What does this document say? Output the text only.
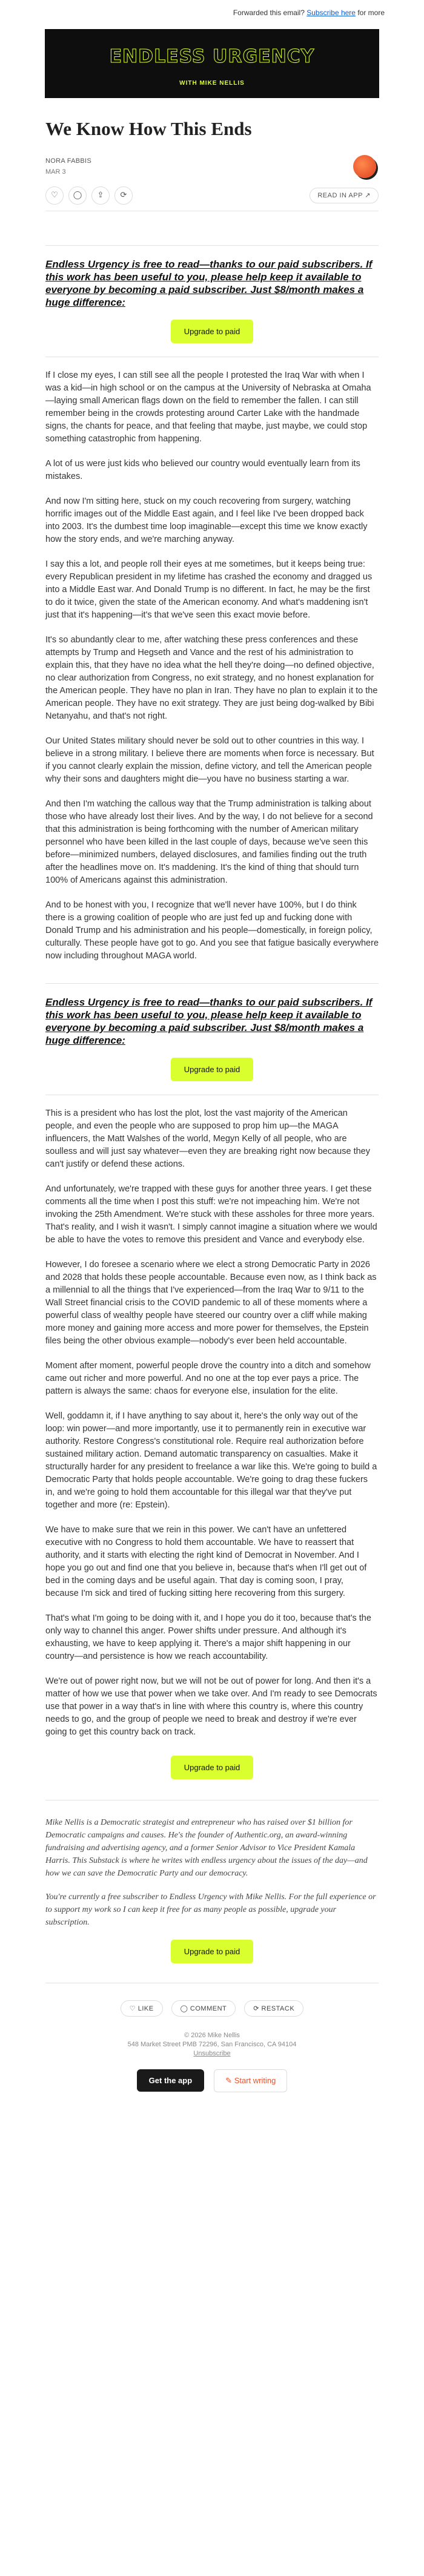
Forwarded this email? Subscribe here for more
ENDLESS URGENCY
WITH MIKE NELLIS
We Know How This Ends
NORA FABBIS
MAR 3
♡	◯	⇪	⟳	READ IN APP ↗
Endless Urgency is free to read—thanks to our paid subscribers. If this work has been useful to you, please help keep it available to everyone by becoming a paid subscriber. Just $8/month makes a huge difference:
Upgrade to paid

If I close my eyes, I can still see all the people I protested the Iraq War with when I was a kid—in high school or on the campus at the University of Nebraska at Omaha—laying small American flags down on the field to remember the fallen. I can still remember being in the crowds protesting around Carter Lake with the handmade signs, the chants for peace, and that feeling that maybe, just maybe, we could stop something catastrophic from happening.

A lot of us were just kids who believed our country would eventually learn from its mistakes.

And now I'm sitting here, stuck on my couch recovering from surgery, watching horrific images out of the Middle East again, and I feel like I've been dropped back into 2003. It's the dumbest time loop imaginable—except this time we know exactly how the story ends, and we're marching anyway.

I say this a lot, and people roll their eyes at me sometimes, but it keeps being true: every Republican president in my lifetime has crashed the economy and dragged us into a Middle East war. And Donald Trump is no different. In fact, he may be the first to do it twice, given the state of the American economy. And what's maddening isn't just that it's happening—it's that we've seen this exact movie before.

It's so abundantly clear to me, after watching these press conferences and these attempts by Trump and Hegseth and Vance and the rest of his administration to explain this, that they have no idea what the hell they're doing—no defined objective, no clear authorization from Congress, no exit strategy, and no honest explanation for the American people. They have no plan in Iran. They have no plan to explain it to the American people. They have no exit strategy. They are just being dog-walked by Bibi Netanyahu, and that's not right.

Our United States military should never be sold out to other countries in this way. I believe in a strong military. I believe there are moments when force is necessary. But if you cannot clearly explain the mission, define victory, and tell the American people why their sons and daughters might die—you have no business starting a war.

And then I'm watching the callous way that the Trump administration is talking about those who have already lost their lives. And by the way, I do not believe for a second that this administration is being forthcoming with the number of American military personnel who have been killed in the last couple of days, because we've seen this before—minimized numbers, delayed disclosures, and families finding out the truth after the headlines move on. It's maddening. It's the kind of thing that should turn 100% of Americans against this administration.

And to be honest with you, I recognize that we'll never have 100%, but I do think there is a growing coalition of people who are just fed up and fucking done with Donald Trump and his administration and his people—domestically, in foreign policy, culturally. These people have got to go. And you see that fatigue basically everywhere now including throughout MAGA world.

Endless Urgency is free to read—thanks to our paid subscribers. If this work has been useful to you, please help keep it available to everyone by becoming a paid subscriber. Just $8/month makes a huge difference:
Upgrade to paid

This is a president who has lost the plot, lost the vast majority of the American people, and even the people who are supposed to prop him up—the MAGA influencers, the Matt Walshes of the world, Megyn Kelly of all people, who are soulless and will just say whatever—even they are breaking right now because they can't justify or defend these actions.

And unfortunately, we're trapped with these guys for another three years. I get these comments all the time when I post this stuff: we're not impeaching him. We're not invoking the 25th Amendment. We're stuck with these assholes for three more years. That's reality, and I wish it wasn't. I simply cannot imagine a situation where we would be able to have the votes to remove this president and Vance and everybody else.

However, I do foresee a scenario where we elect a strong Democratic Party in 2026 and 2028 that holds these people accountable. Because even now, as I think back as a millennial to all the things that I've experienced—from the Iraq War to 9/11 to the Wall Street financial crisis to the COVID pandemic to all of these moments where a powerful class of wealthy people have steered our country over a cliff while making more money and gaining more access and more power for themselves, the Epstein files being the other obvious example—nobody's ever been held accountable.

Moment after moment, powerful people drove the country into a ditch and somehow came out richer and more powerful. And no one at the top ever pays a price. The pattern is always the same: chaos for everyone else, insulation for the elite.

Well, goddamn it, if I have anything to say about it, here's the only way out of the loop: win power—and more importantly, use it to permanently rein in executive war authority. Restore Congress's constitutional role. Require real authorization before sustained military action. Demand automatic transparency on casualties. Make it structurally harder for any president to freelance a war like this. We're going to build a Democratic Party that holds people accountable. We're going to drag these fuckers in, and we're going to hold them accountable for this illegal war that they've put together and more (re: Epstein).

We have to make sure that we rein in this power. We can't have an unfettered executive with no Congress to hold them accountable. We have to reassert that authority, and it starts with electing the right kind of Democrat in November. And I hope you go out and find one that you believe in, because that's when I'll get out of bed in the coming days and be useful again. That day is coming soon, I pray, because I'm sick and tired of fucking sitting here recovering from this surgery.

That's what I'm going to be doing with it, and I hope you do it too, because that's the only way to channel this anger. Power shifts under pressure. And although it's exhausting, we have to keep applying it. There's a major shift happening in our country—and persistence is how we reach accountability.

We're out of power right now, but we will not be out of power for long. And then it's a matter of how we use that power when we take over. And I'm ready to see Democrats use that power in a way that's in line with where this country is, where this country needs to go, and the group of people we need to break and destroy if we're ever going to get this country back on track.

Upgrade to paid

Mike Nellis is a Democratic strategist and entrepreneur who has raised over $1 billion for Democratic campaigns and causes. He's the founder of Authentic.org, an award-winning fundraising and advertising agency, and a former Senior Advisor to Vice President Kamala Harris. This Substack is where he writes with endless urgency about the issues of the day—and how we can save the Democratic Party and our democracy.

You're currently a free subscriber to Endless Urgency with Mike Nellis. For the full experience or to support my work so I can keep it free for as many people as possible, upgrade your subscription.

Upgrade to paid
♡ LIKE	◯ COMMENT	⟳ RESTACK
© 2026 Mike Nellis
548 Market Street PMB 72296, San Francisco, CA 94104
Unsubscribe
Get the app	✎ Start writing
